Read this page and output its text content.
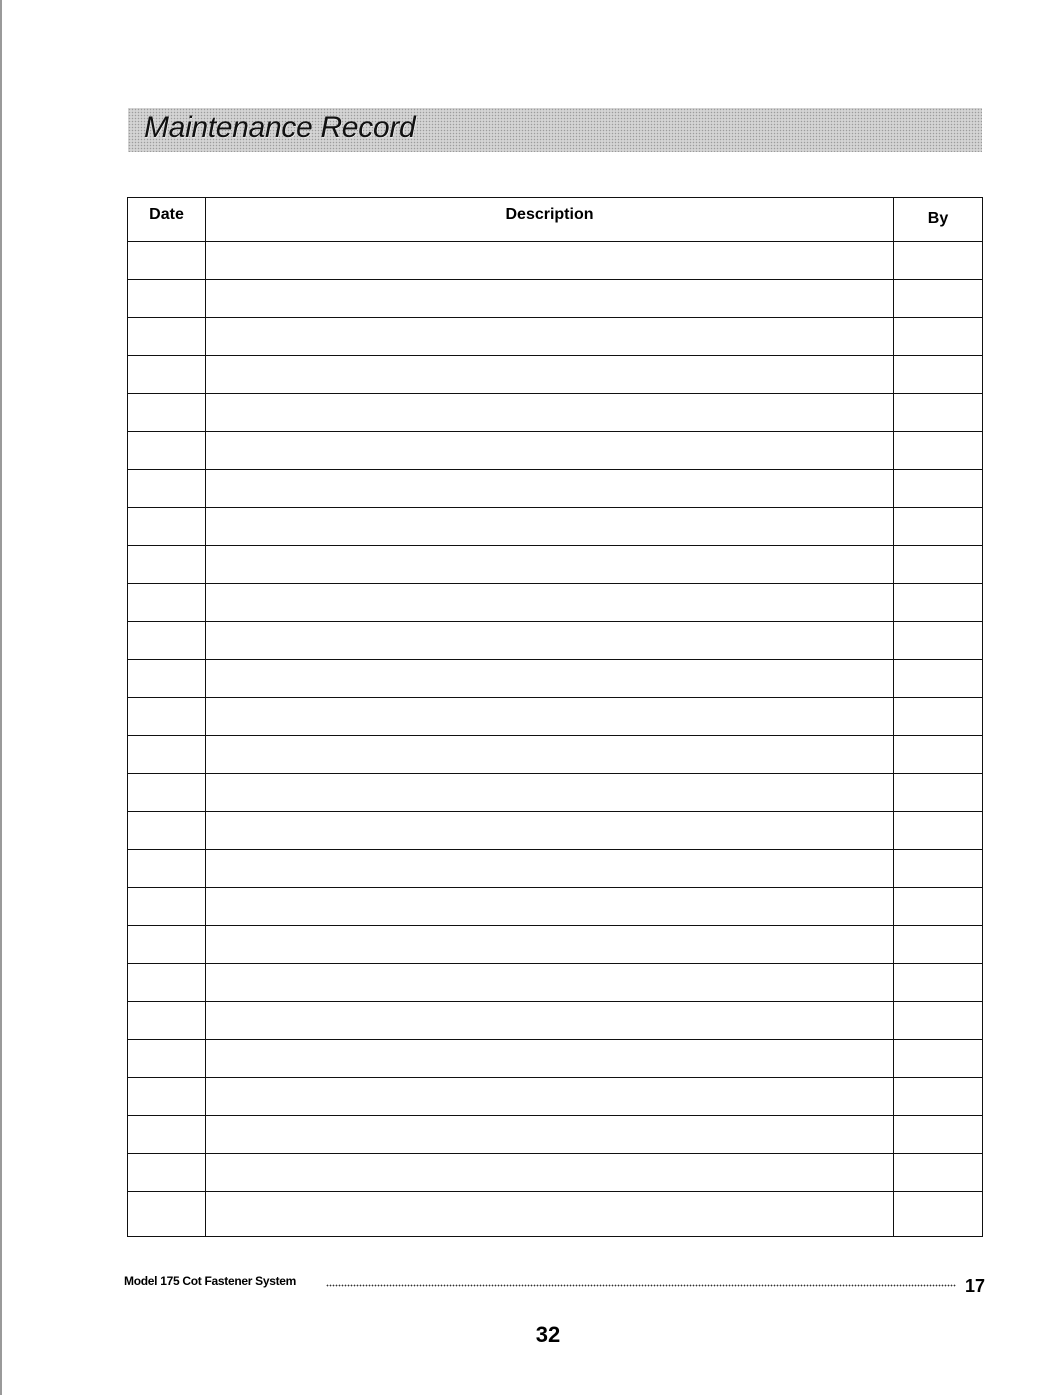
Maintenance Record
Date	Description	By

Model 175 Cot Fastener System	17
32
